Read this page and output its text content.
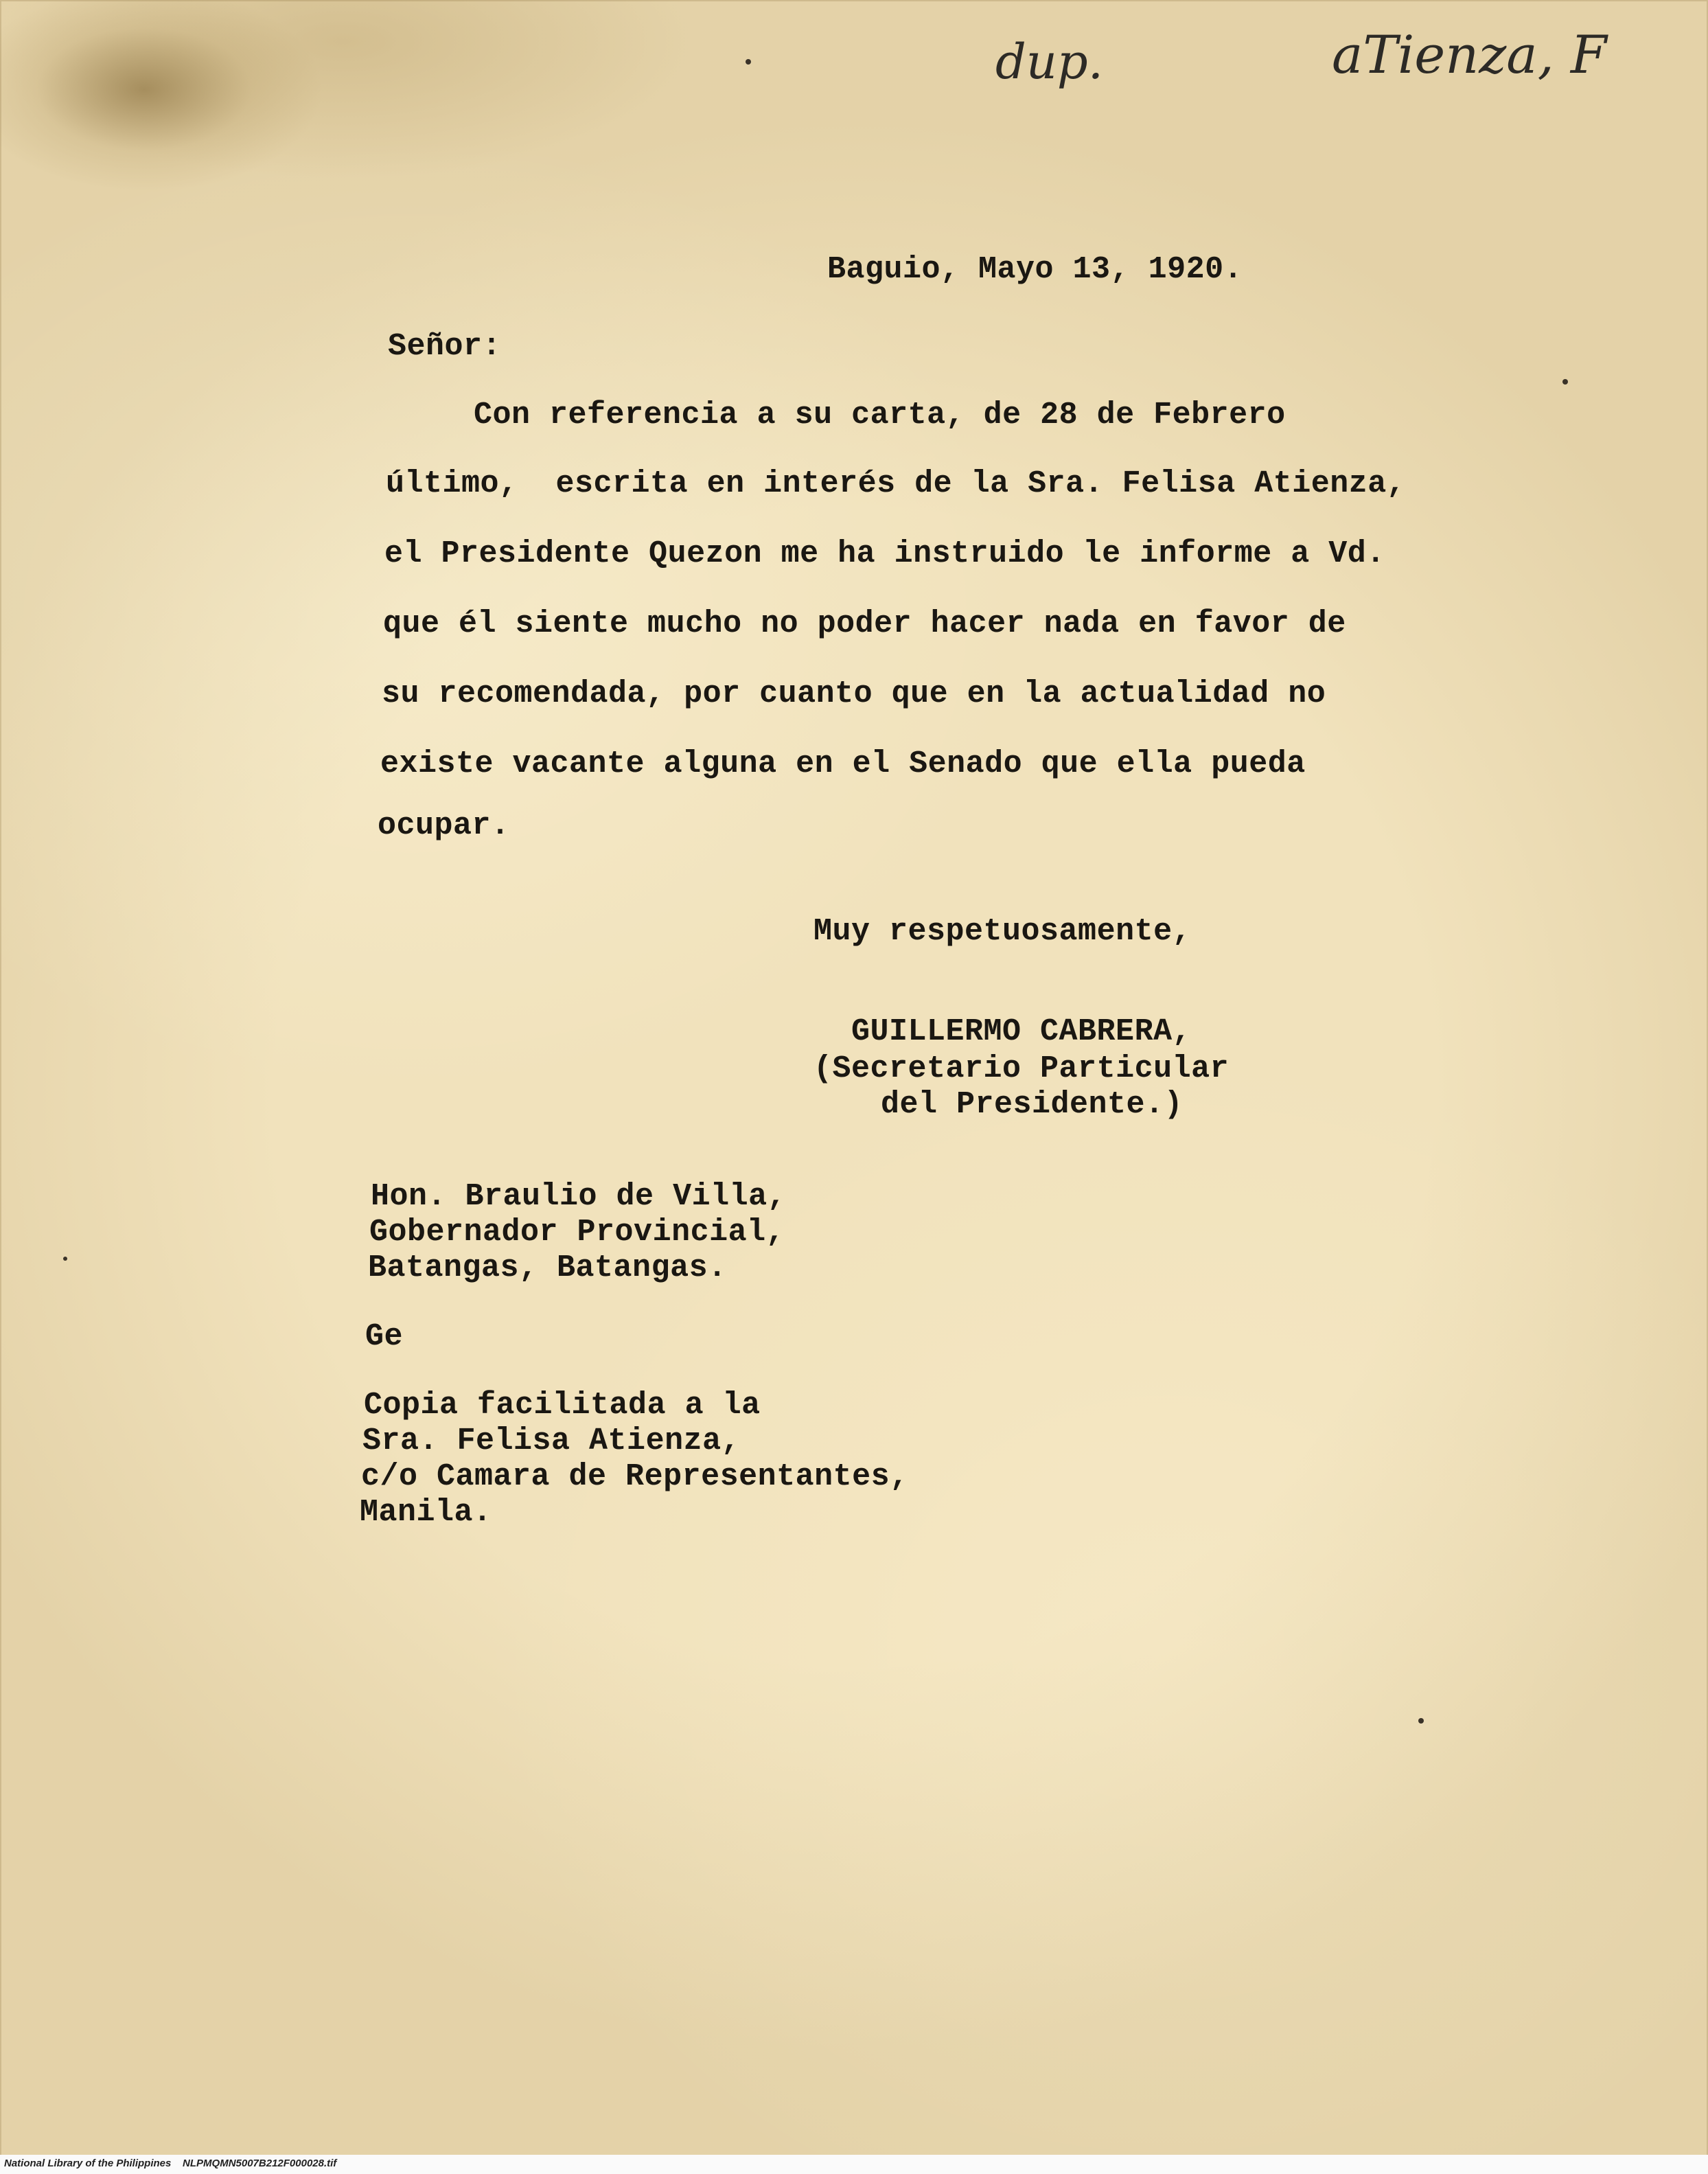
dup.	aTienza, F
Baguio, Mayo 13, 1920.
Señor:
Con referencia a su carta, de 28 de Febrero
último,  escrita en interés de la Sra. Felisa Atienza,
el Presidente Quezon me ha instruido le informe a Vd.
que él siente mucho no poder hacer nada en favor de
su recomendada, por cuanto que en la actualidad no
existe vacante alguna en el Senado que ella pueda
ocupar.
Muy respetuosamente,
GUILLERMO CABRERA,
(Secretario Particular
del Presidente.)
Hon. Braulio de Villa,
Gobernador Provincial,
Batangas, Batangas.
Ge
Copia facilitada a la
Sra. Felisa Atienza,
c/o Camara de Representantes,
Manila.
National Library of the Philippines    NLPMQMN5007B212F000028.tif
